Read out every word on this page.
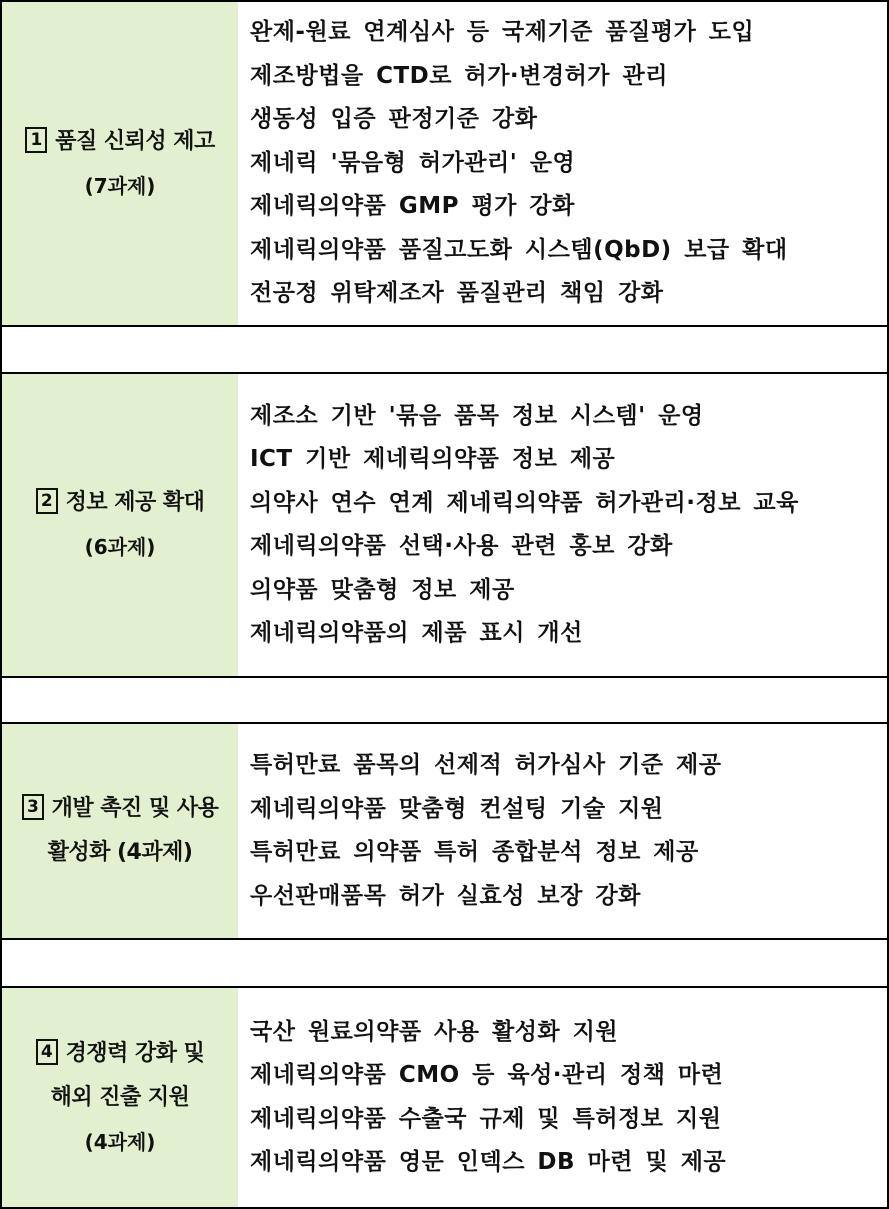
1 품질 신뢰성 제고
(7과제)
완제-원료 연계심사 등 국제기준 품질평가 도입
제조방법을 CTD로 허가·변경허가 관리
생동성 입증 판정기준 강화
제네릭 '묶음형 허가관리' 운영
제네릭의약품 GMP 평가 강화
제네릭의약품 품질고도화 시스템(QbD) 보급 확대
전공정 위탁제조자 품질관리 책임 강화
2 정보 제공 확대
(6과제)
제조소 기반 '묶음 품목 정보 시스템' 운영
ICT 기반 제네릭의약품 정보 제공
의약사 연수 연계 제네릭의약품 허가관리·정보 교육
제네릭의약품 선택·사용 관련 홍보 강화
의약품 맞춤형 정보 제공
제네릭의약품의 제품 표시 개선
3 개발 촉진 및 사용
활성화 (4과제)
특허만료 품목의 선제적 허가심사 기준 제공
제네릭의약품 맞춤형 컨설팅 기술 지원
특허만료 의약품 특허 종합분석 정보 제공
우선판매품목 허가 실효성 보장 강화
4 경쟁력 강화 및
해외 진출 지원
(4과제)
국산 원료의약품 사용 활성화 지원
제네릭의약품 CMO 등 육성·관리 정책 마련
제네릭의약품 수출국 규제 및 특허정보 지원
제네릭의약품 영문 인덱스 DB 마련 및 제공
